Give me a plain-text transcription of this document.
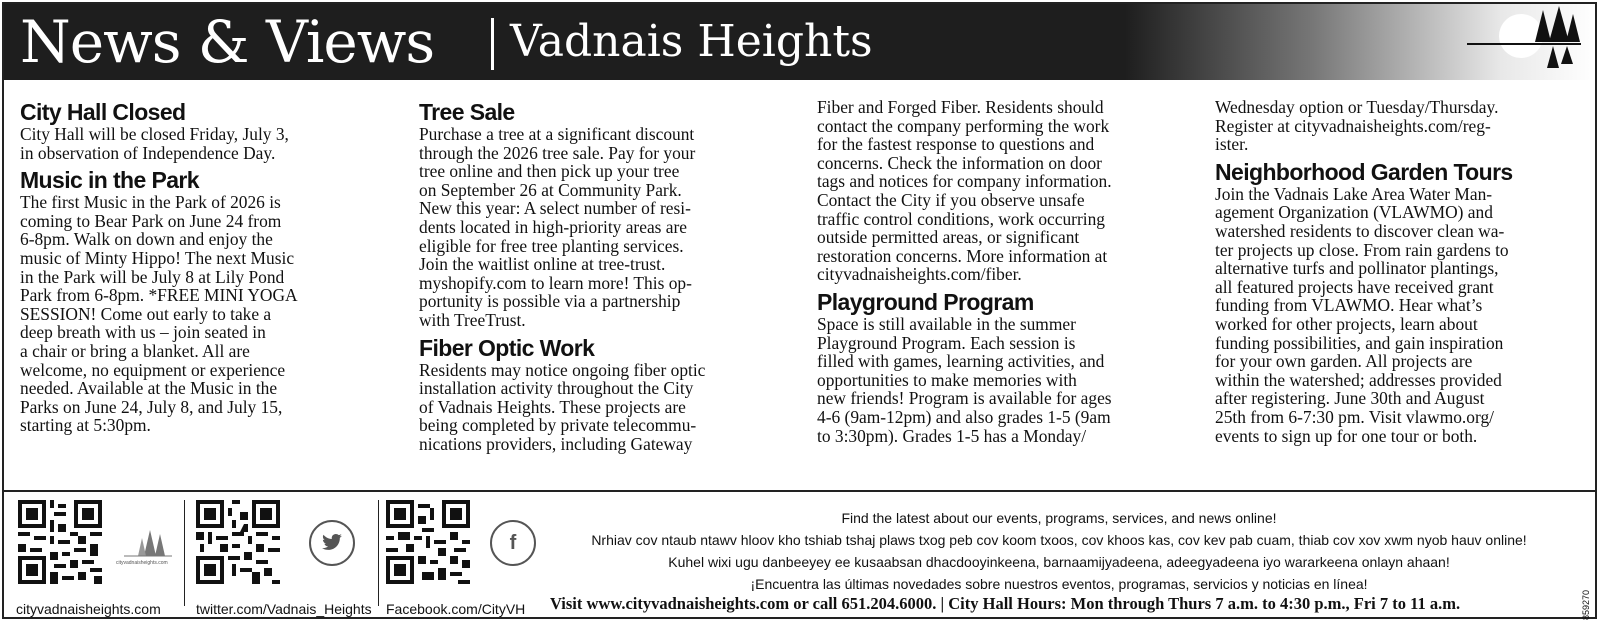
News & Views Vadnais Heights
City Hall Closed

City Hall will be closed Friday, July 3,

in observation of Independence Day.

Music in the Park

The first Music in the Park of 2026 is

coming to Bear Park on June 24 from

6-8pm. Walk on down and enjoy the

music of Minty Hippo! The next Music

in the Park will be July 8 at Lily Pond

Park from 6-8pm. *FREE MINI YOGA

SESSION! Come out early to take a

deep breath with us – join seated in

a chair or bring a blanket. All are

welcome, no equipment or experience

needed. Available at the Music in the

Parks on June 24, July 8, and July 15,

starting at 5:30pm.

Tree Sale

Purchase a tree at a significant discount

through the 2026 tree sale. Pay for your

tree online and then pick up your tree

on September 26 at Community Park.

New this year: A select number of resi-

dents located in high-priority areas are

eligible for free tree planting services.

Join the waitlist online at tree-trust.

myshopify.com to learn more! This op-

portunity is possible via a partnership

with TreeTrust.

Fiber Optic Work

Residents may notice ongoing fiber optic

installation activity throughout the City

of Vadnais Heights. These projects are

being completed by private telecommu-

nications providers, including Gateway

Fiber and Forged Fiber. Residents should

contact the company performing the work

for the fastest response to questions and

concerns. Check the information on door

tags and notices for company information.

Contact the City if you observe unsafe

traffic control conditions, work occurring

outside permitted areas, or significant

restoration concerns. More information at

cityvadnaisheights.com/fiber.

Playground Program

Space is still available in the summer

Playground Program. Each session is

filled with games, learning activities, and

opportunities to make memories with

new friends! Program is available for ages

4-6 (9am-12pm) and also grades 1-5 (9am

to 3:30pm). Grades 1-5 has a Monday/

Wednesday option or Tuesday/Thursday.

Register at cityvadnaisheights.com/reg-

ister.

Neighborhood Garden Tours

Join the Vadnais Lake Area Water Man-

agement Organization (VLAWMO) and

watershed residents to discover clean wa-

ter projects up close. From rain gardens to

alternative turfs and pollinator plantings,

all featured projects have received grant

funding from VLAWMO. Hear what’s

worked for other projects, learn about

funding possibilities, and gain inspiration

for your own garden. All projects are

within the watershed; addresses provided

after registering. June 30th and August

25th from 6-7:30 pm. Visit vlawmo.org/

events to sign up for one tour or both.

cityvadnaisheights.com
cityvadnaisheights.com	twitter.com/Vadnais_Heights
f
Facebook.com/CityVH
Find the latest about our events, programs, services, and news online!
Nrhiav cov ntaub ntawv hloov kho tshiab tshaj plaws txog peb cov koom txoos, cov khoos kas, cov kev pab cuam, thiab cov xov xwm nyob hauv online!
Kuhel wixi ugu danbeeyey ee kusaabsan dhacdooyinkeena, barnaamijyadeena, adeegyadeena iyo wararkeena onlayn ahaan!
¡Encuentra las últimas novedades sobre nuestros eventos, programas, servicios y noticias en línea!
Visit www.cityvadnaisheights.com or call 651.204.6000. | City Hall Hours: Mon through Thurs 7 a.m. to 4:30 p.m., Fri 7 to 11 a.m.	859270
